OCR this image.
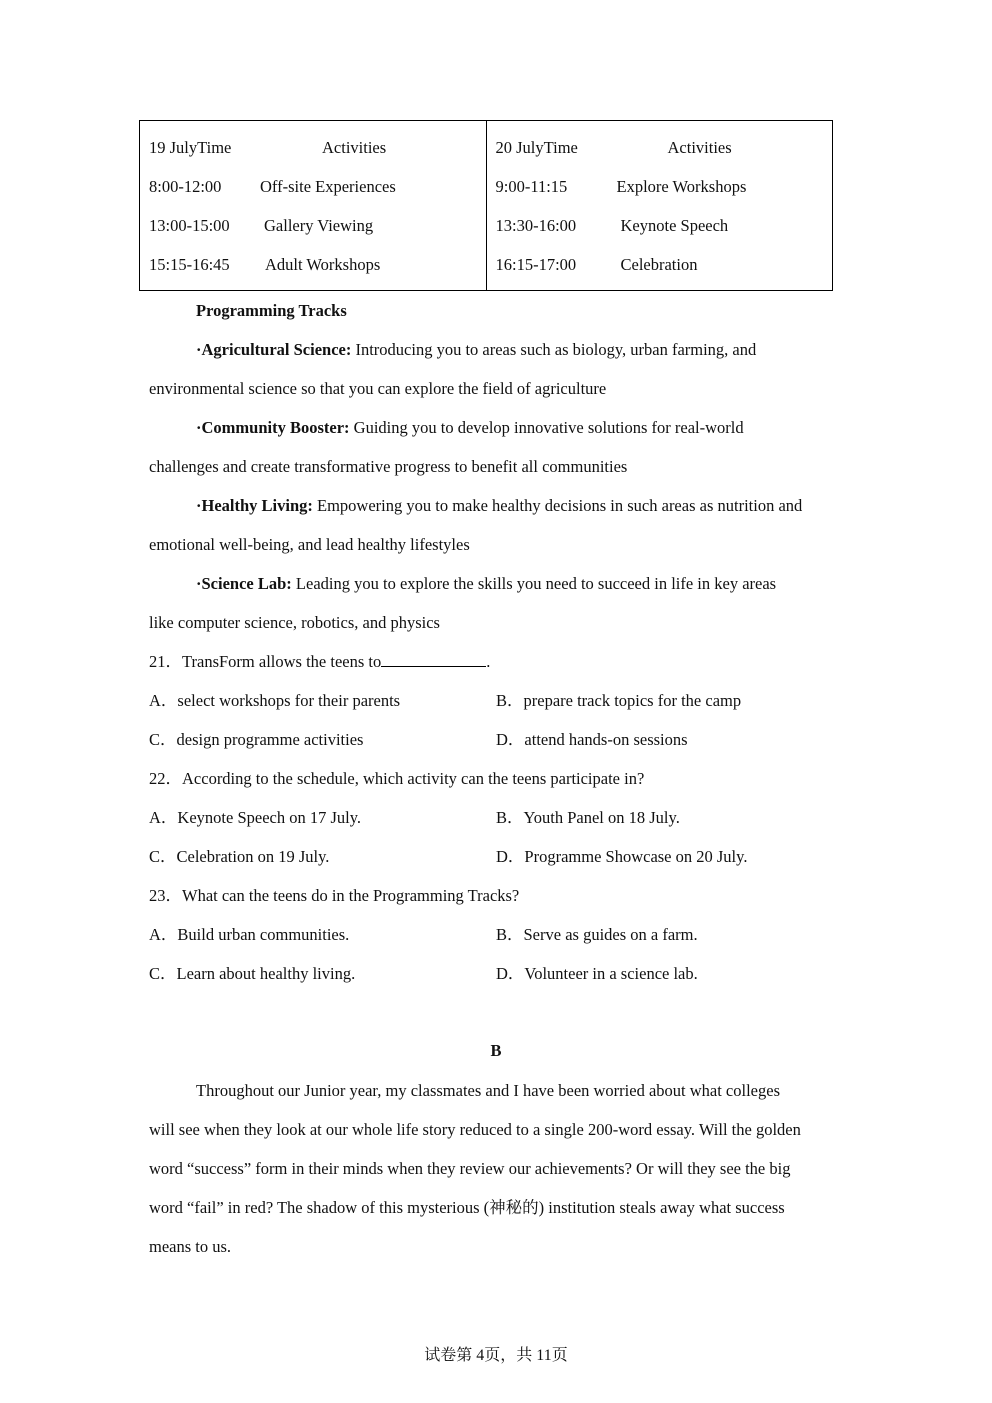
19 JulyTime	Activities
8:00-12:00 Off-site Experiences
13:00-15:00 Gallery Viewing
15:15-16:45 Adult Workshops
20 JulyTime	Activities
9:00-11:15	Explore Workshops
13:30-16:00	Keynote Speech
16:15-17:00	Celebration
Programming Tracks
·Agricultural Science: Introducing you to areas such as biology, urban farming, and
environmental science so that you can explore the field of agriculture
·Community Booster: Guiding you to develop innovative solutions for real-world
challenges and create transformative progress to benefit all communities
·Healthy Living: Empowering you to make healthy decisions in such areas as nutrition and
emotional well-being, and lead healthy lifestyles
·Science Lab: Leading you to explore the skills you need to succeed in life in key areas
like computer science, robotics, and physics
21．TransForm allows the teens to	.
A．select workshops for their parents	B．prepare track topics for the camp
C．design programme activities	D．attend hands-on sessions
22．According to the schedule, which activity can the teens participate in?
A．Keynote Speech on 17 July.	B．Youth Panel on 18 July.
C．Celebration on 19 July.	D．Programme Showcase on 20 July.
23．What can the teens do in the Programming Tracks?
A．Build urban communities.	B．Serve as guides on a farm.
C．Learn about healthy living.	D．Volunteer in a science lab.
B
Throughout our Junior year, my classmates and I have been worried about what colleges
will see when they look at our whole life story reduced to a single 200-word essay. Will the golden
word “success” form in their minds when they review our achievements? Or will they see the big
word “fail” in red? The shadow of this mysterious (神秘的) institution steals away what success
means to us.
试卷第 4页，共 11页
